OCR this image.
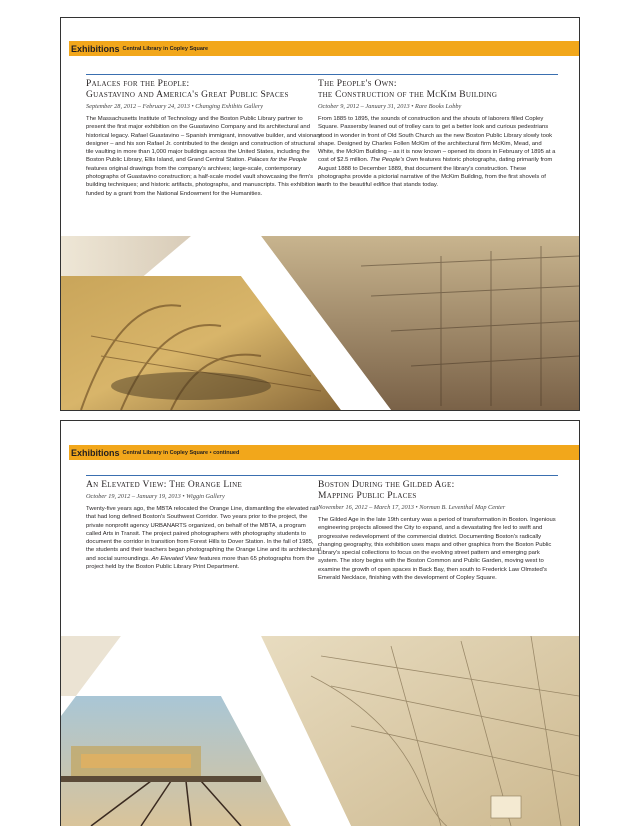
Exhibitions Central Library in Copley Square
Palaces for the People:
Guastavino and America's Great Public Spaces
September 28, 2012 – February 24, 2013 • Changing Exhibits Gallery

The Massachusetts Institute of Technology and the Boston Public Library partner to present the first major exhibition on the Guastavino Company and its architectural and historical legacy. Rafael Guastavino – Spanish immigrant, innovative builder, and visionary designer – and his son Rafael Jr. contributed to the design and construction of structural tile vaulting in more than 1,000 major buildings across the United States, including the Boston Public Library, Ellis Island, and Grand Central Station. Palaces for the People features original drawings from the company's archives; large-scale, contemporary photographs of Guastavino construction; a half-scale model vault showcasing the firm's building techniques; and historic artifacts, photographs, and manuscripts. This exhibition is funded by a grant from the National Endowment for the Humanities.

The People's Own:
the Construction of the McKim Building
October 9, 2012 – January 31, 2013 • Rare Books Lobby

From 1885 to 1895, the sounds of construction and the shouts of laborers filled Copley Square. Passersby leaned out of trolley cars to get a better look and curious pedestrians stood in wonder in front of Old South Church as the new Boston Public Library slowly took shape. Designed by Charles Follen McKim of the architectural firm McKim, Mead, and White, the McKim Building – as it is now known – opened its doors in February of 1895 at a cost of $2.5 million. The People's Own features historic photographs, dating primarily from August 1888 to December 1889, that document the library's construction. These photographs provide a pictorial narrative of the McKim Building, from the first shovels of earth to the beautiful edifice that stands today.

Exhibitions Central Library in Copley Square • continued
An Elevated View: The Orange Line
October 19, 2012 – January 19, 2013 • Wiggin Gallery

Twenty-five years ago, the MBTA relocated the Orange Line, dismantling the elevated rail that had long defined Boston's Southwest Corridor. Two years prior to the project, the private nonprofit agency URBANARTS organized, on behalf of the MBTA, a program called Arts in Transit. The project paired photographers with photography students to document the corridor in transition from Forest Hills to Dover Station. In the fall of 1985, the students and their teachers began photographing the Orange Line and its architectural and social surroundings. An Elevated View features more than 65 photographs from the project held by the Boston Public Library Print Department.

Boston During the Gilded Age:
Mapping Public Places
November 16, 2012 – March 17, 2013 • Norman B. Leventhal Map Center

The Gilded Age in the late 19th century was a period of transformation in Boston. Ingenious engineering projects allowed the City to expand, and a devastating fire led to swift and progressive redevelopment of the commercial district. Documenting Boston's radically changing geography, this exhibition uses maps and other graphics from the Boston Public Library's special collections to focus on the evolving street pattern and emerging park system. The story begins with the Boston Common and Public Garden, moving west to examine the growth of open spaces in Back Bay, then south to Frederick Law Olmsted's Emerald Necklace, finishing with the development of Copley Square.
